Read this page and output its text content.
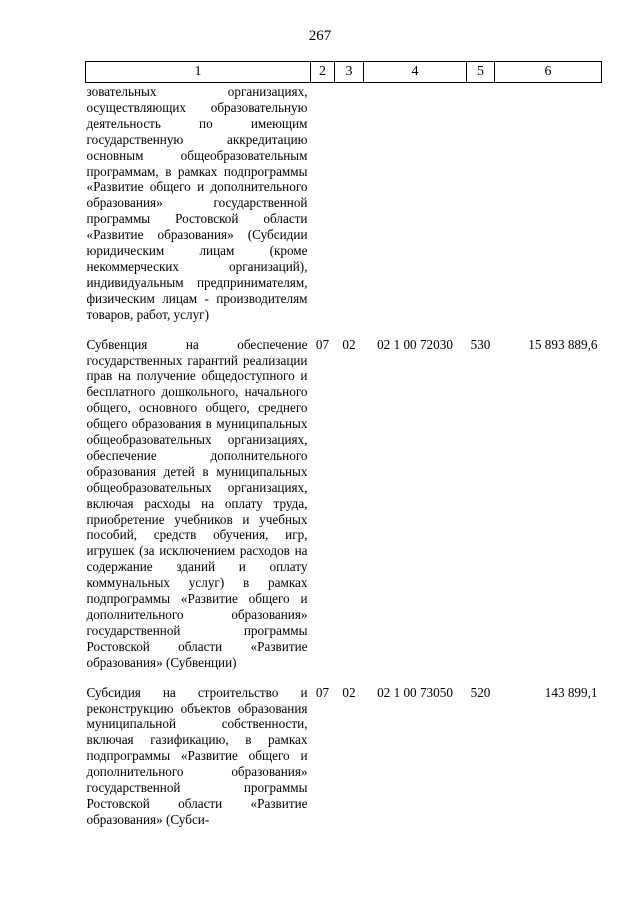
267
1	2	3	4	5	6
зовательных организациях, осуществляющих образовательную деятельность по имеющим государственную аккредитацию основным общеобразовательным программам, в рамках подпрограммы «Развитие общего и дополнительного образования» государственной программы Ростовской области «Развитие образования» (Субсидии юридическим лицам (кроме некоммерческих организаций), индивидуальным предпринимателям, физическим лицам - производителям товаров, работ, услуг)					
Субвенция на обеспечение государственных гарантий реализации прав на получение общедоступного и бесплатного дошкольного, начального общего, основного общего, среднего общего образования в муниципальных общеобразовательных организациях, обеспечение дополнительного образования детей в муниципальных общеобразовательных организациях, включая расходы на оплату труда, приобретение учебников и учебных пособий, средств обучения, игр, игрушек (за исключением расходов на содержание зданий и оплату коммунальных услуг) в рамках подпрограммы «Развитие общего и дополнительного образования» государственной программы Ростовской области «Развитие образования» (Субвенции)	07	02	02 1 00 72030	530	15 893 889,6
Субсидия на строительство и реконструкцию объектов образования муниципальной собственности, включая газификацию, в рамках подпрограммы «Развитие общего и дополнительного образования» государственной программы Ростовской области «Развитие образования» (Субси-	07	02	02 1 00 73050	520	143 899,1
